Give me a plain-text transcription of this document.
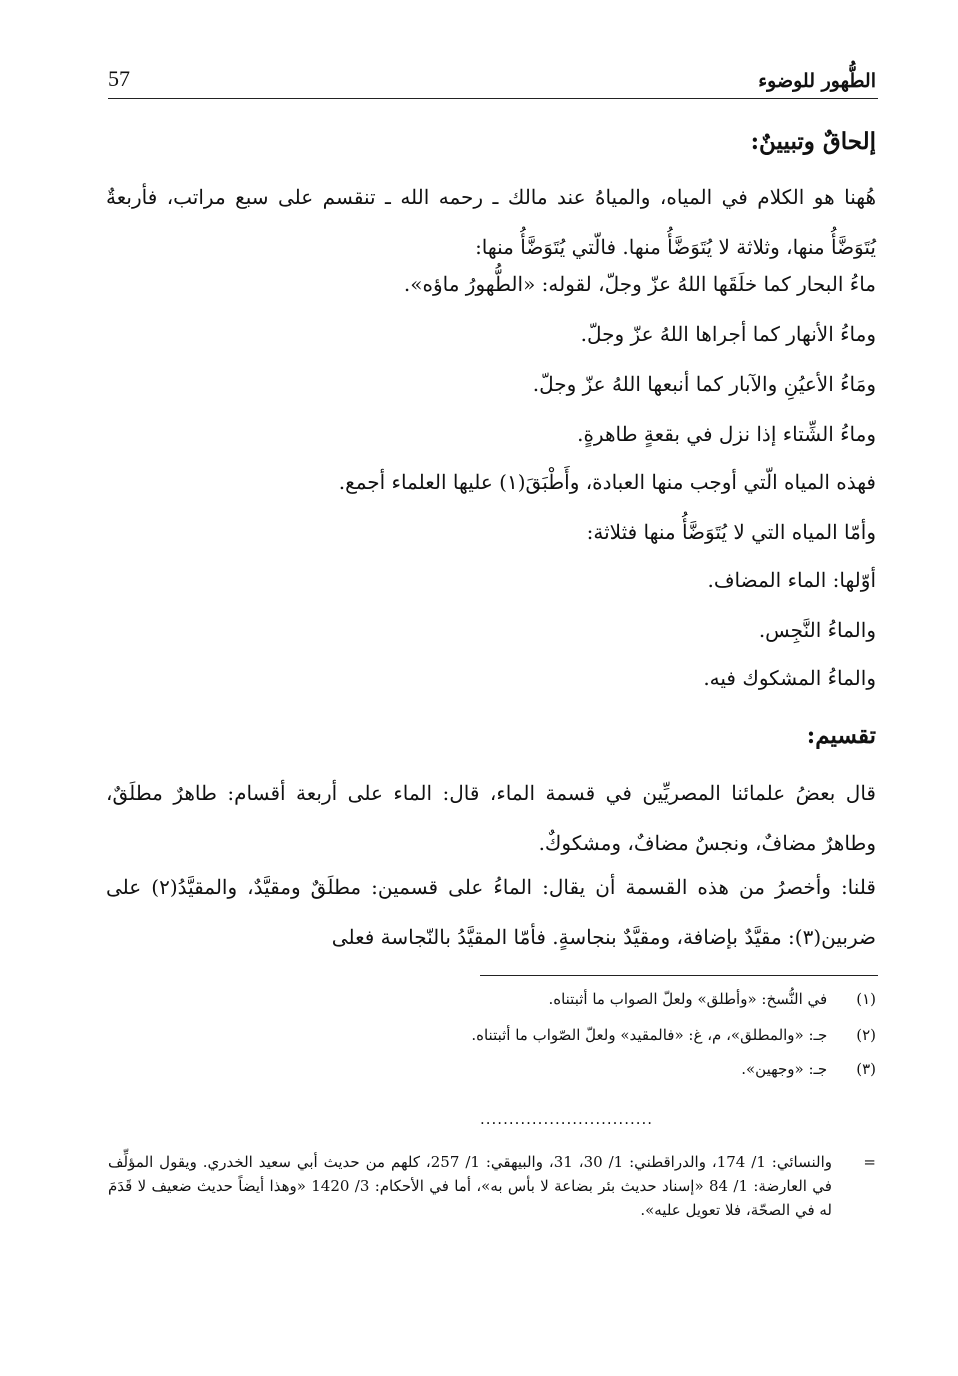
57	الطُّهور للوضوء
إلحاقٌ وتبيينٌ:
هُهنا هو الكلام في المياه، والمياهُ عند مالك ـ رحمه الله ـ تنقسم على سبع مراتب، فأربعةٌ يُتَوَضَّأُ منها، وثلاثة لا يُتَوَضَّأُ منها. فالّتي يُتَوَضَّأُ منها:
ماءُ البحار كما خلَقَها اللهُ عزّ وجلّ، لقوله: «الطُّهورُ ماؤه».
وماءُ الأنهار كما أجراها اللهُ عزّ وجلّ.
ومَاءُ الأعيُنِ والآبار كما أنبعها اللهُ عزّ وجلّ.
وماءُ الشِّتاء إذا نزل في بقعةٍ طاهرةٍ.
فهذه المياه الّتي أوجب منها العبادة، وأَطْبَقَ(١) عليها العلماء أجمع.
وأمّا المياه التي لا يُتَوَضَّأُ منها فثلاثة:
أوّلها: الماء المضاف.
والماءُ النَّجِس.
والماءُ المشكوك فيه.
تقسيم:
قال بعضُ علمائنا المصريِّين في قسمة الماء، قال: الماء على أربعة أقسام: طاهرٌ مطلَقٌ، وطاهرٌ مضافٌ، ونجسٌ مضافٌ، ومشكوكٌ.
قلنا: وأخصرُ من هذه القسمة أن يقال: الماءُ على قسمين: مطلَقٌ ومقيَّدٌ، والمقيَّدُ(٢) على ضربين(٣): مقيَّدٌ بإضافة، ومقيَّدٌ بنجاسةٍ. فأمّا المقيَّدُ بالنّجاسة فعلى
(١) في النُّسخ: «وأطلق» ولعلّ الصواب ما أثبتناه.
(٢) جـ: «والمطلق»، م، غ: «فالمقيد» ولعلّ الصّواب ما أثبتناه.
(٣) جـ: «وجهين».
..............................
=
والنسائي: 1/ 174، والدراقطني: 1/ 30، 31، والبيهقي: 1/ 257، كلهم من حديث أبي سعيد الخدري. ويقول المؤلِّف في العارضة: 1/ 84 «إسناد حديث بئر بضاعة لا بأس به»، أما في الأحكام: 3/ 1420 «وهذا أيضاً حديث ضعيف لا قَدَمَ له في الصحّة، فلا تعويل عليه».
